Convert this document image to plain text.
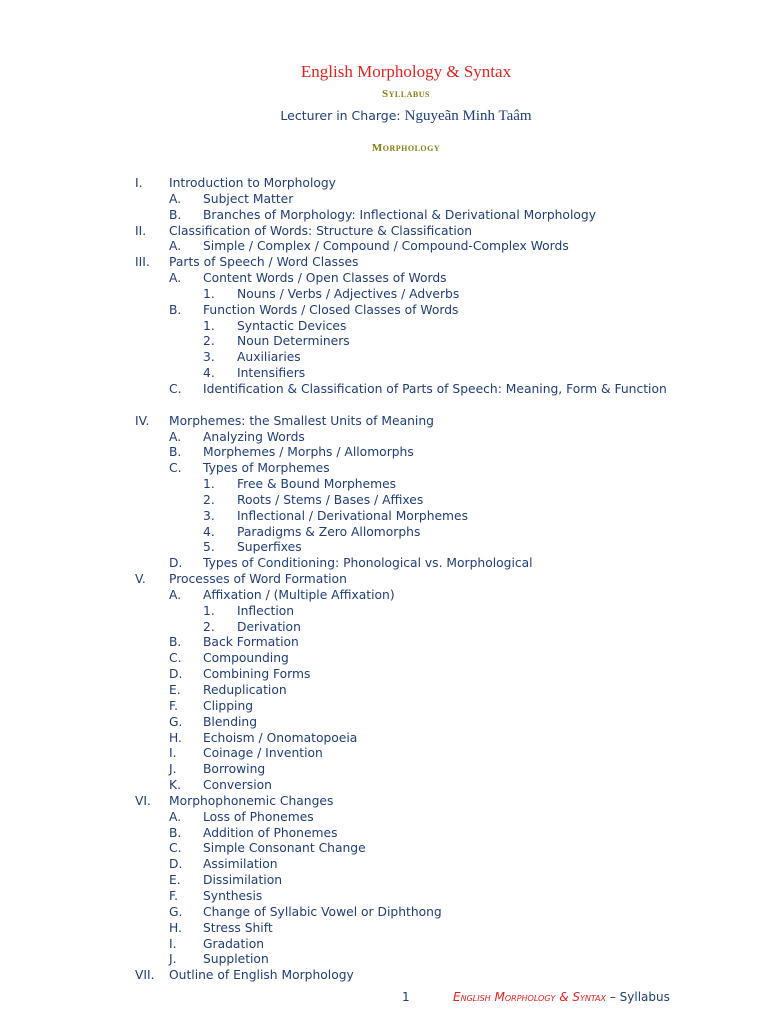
English Morphology & Syntax
Syllabus
Lecturer in Charge: Nguyeãn Minh Taâm
Morphology
I. Introduction to Morphology
A. Subject Matter
B. Branches of Morphology: Inflectional & Derivational Morphology
II. Classification of Words: Structure & Classification
A. Simple / Complex / Compound / Compound-Complex Words
III. Parts of Speech / Word Classes
A. Content Words / Open Classes of Words
1. Nouns / Verbs / Adjectives / Adverbs
B. Function Words / Closed Classes of Words
1. Syntactic Devices
2. Noun Determiners
3. Auxiliaries
4. Intensifiers
C. Identification & Classification of Parts of Speech: Meaning, Form & Function
IV. Morphemes: the Smallest Units of Meaning
A. Analyzing Words
B. Morphemes / Morphs / Allomorphs
C. Types of Morphemes
1. Free & Bound Morphemes
2. Roots / Stems / Bases / Affixes
3. Inflectional / Derivational Morphemes
4. Paradigms & Zero Allomorphs
5. Superfixes
D. Types of Conditioning: Phonological vs. Morphological
V. Processes of Word Formation
A. Affixation / (Multiple Affixation)
1. Inflection
2. Derivation
B. Back Formation
C. Compounding
D. Combining Forms
E. Reduplication
F. Clipping
G. Blending
H. Echoism / Onomatopoeia
I. Coinage / Invention
J. Borrowing
K. Conversion
VI. Morphophonemic Changes
A. Loss of Phonemes
B. Addition of Phonemes
C. Simple Consonant Change
D. Assimilation
E. Dissimilation
F. Synthesis
G. Change of Syllabic Vowel or Diphthong
H. Stress Shift
I. Gradation
J. Suppletion
VII. Outline of English Morphology
1	English Morphology & Syntax – Syllabus
